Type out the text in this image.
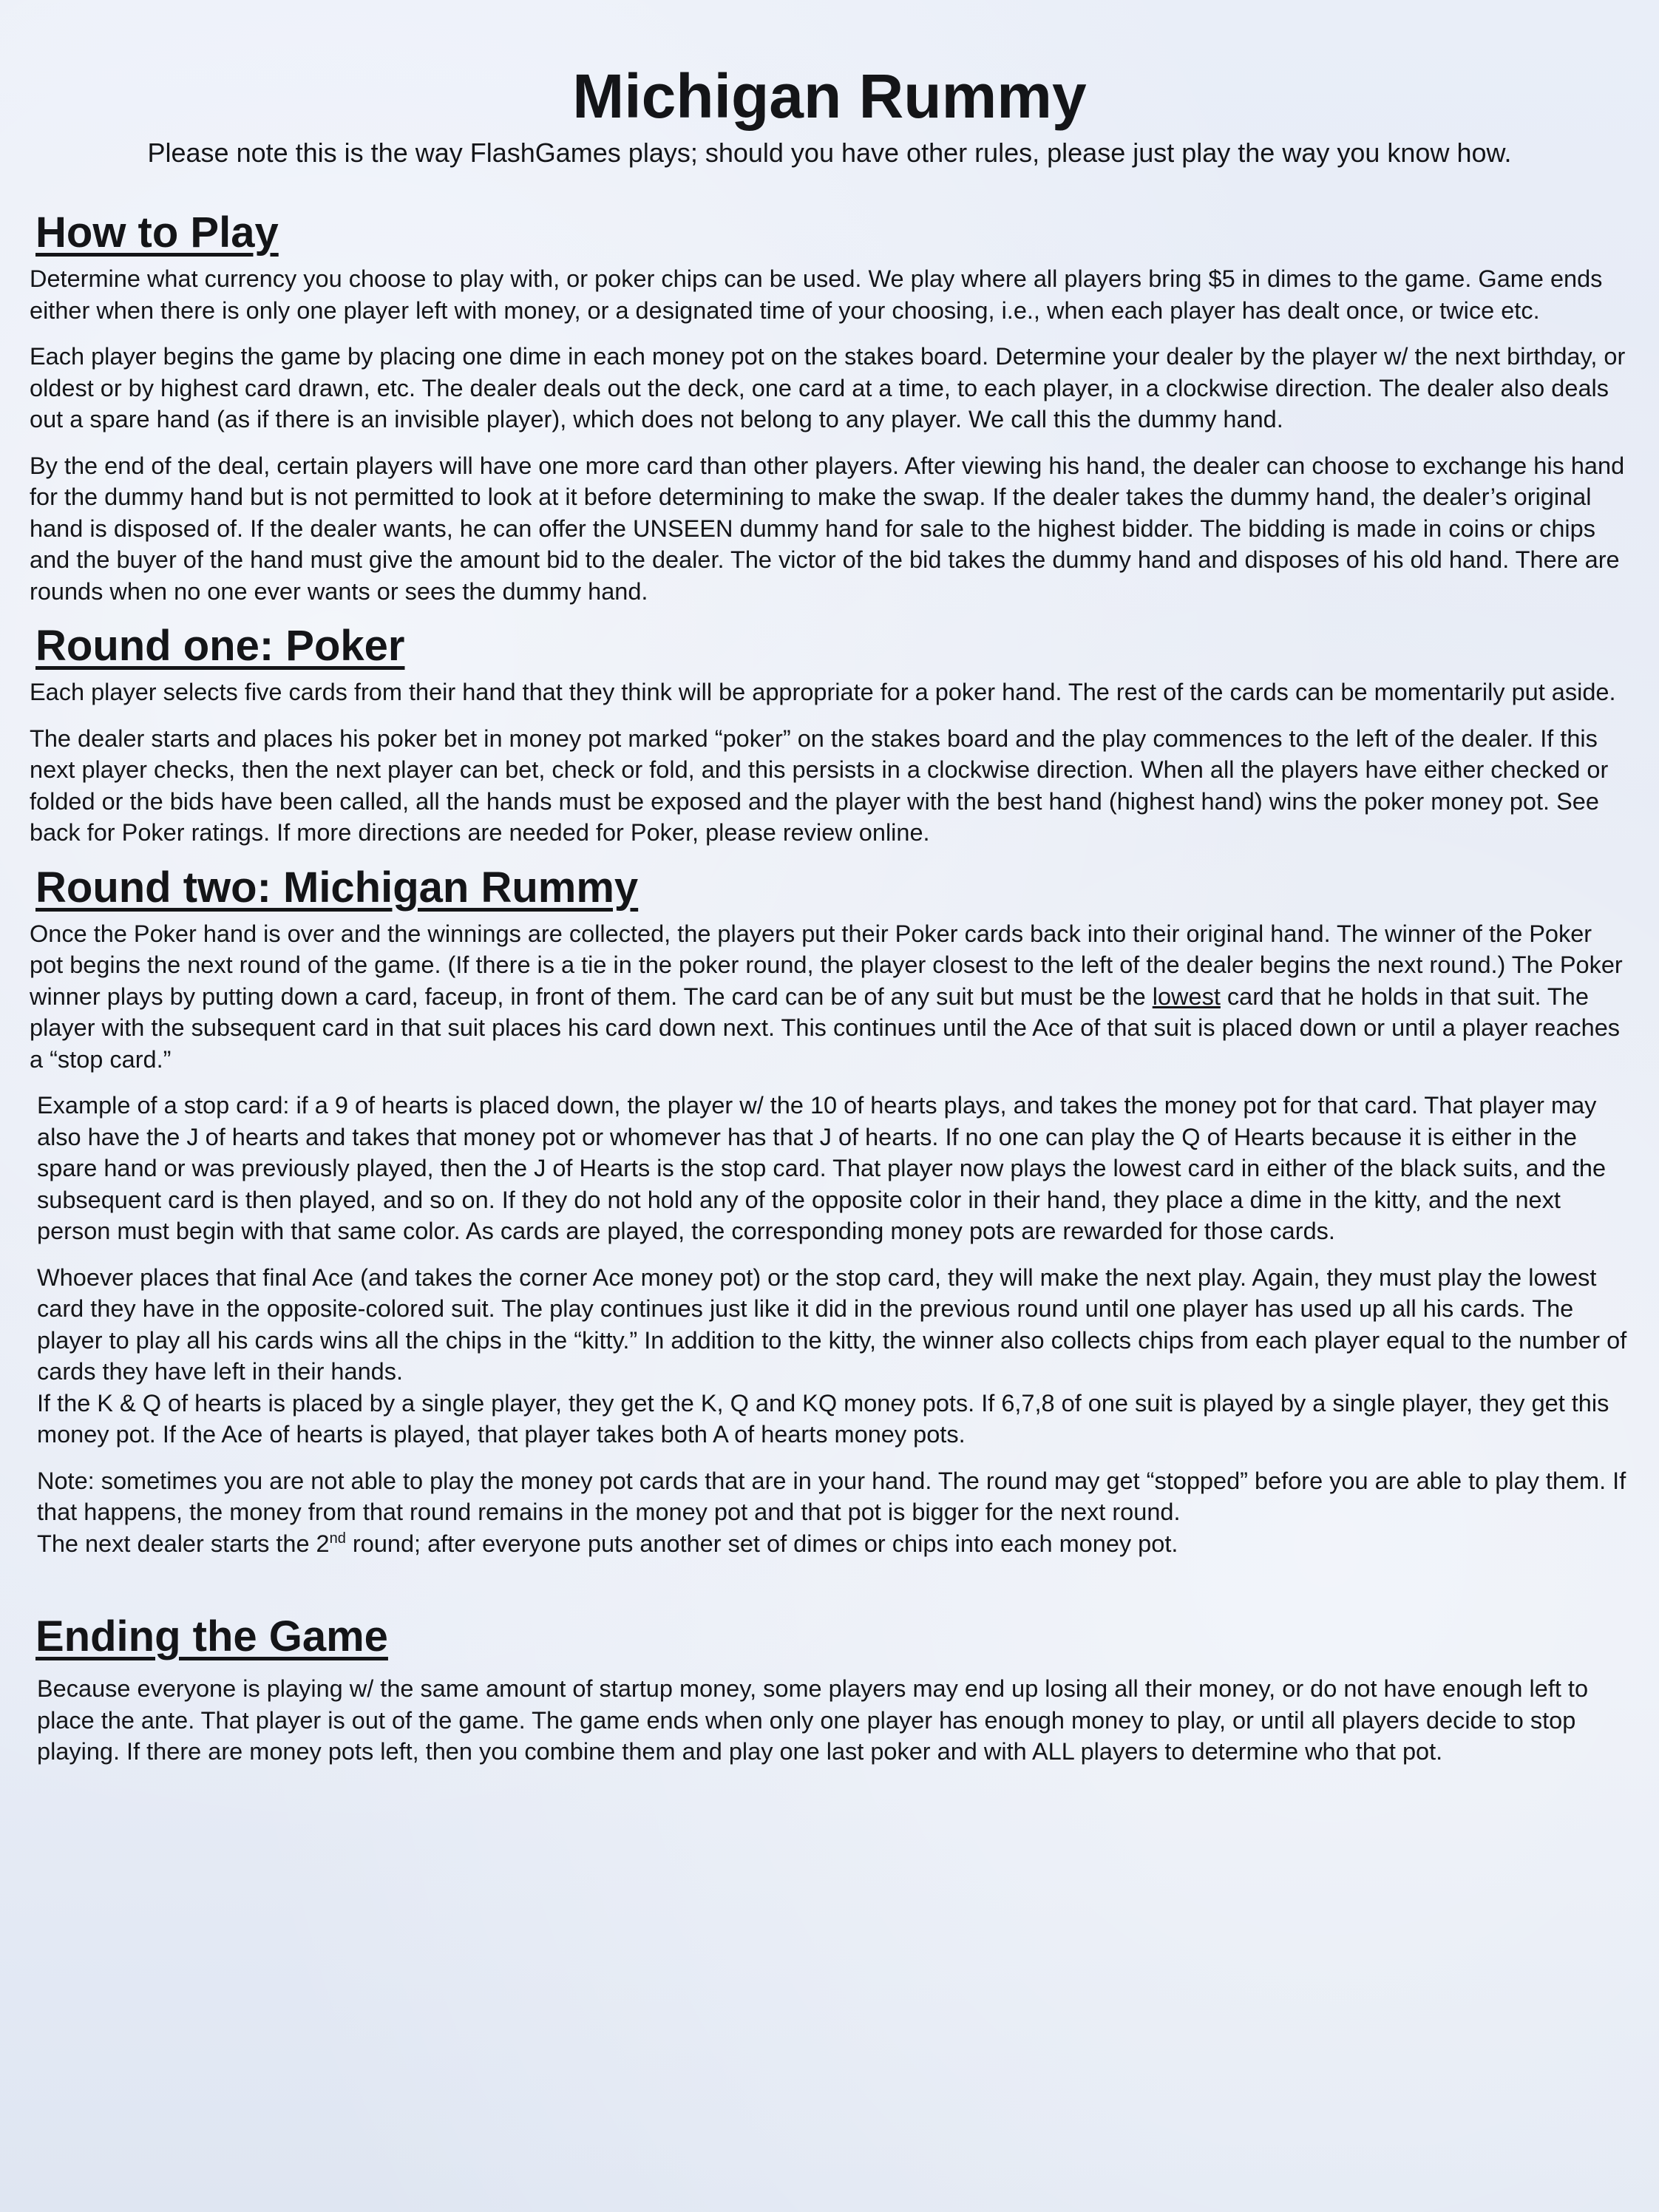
Michigan Rummy

Please note this is the way FlashGames plays; should you have other rules, please just play the way you know how.

How to Play

Determine what currency you choose to play with, or poker chips can be used. We play where all players bring $5 in dimes to the game. Game ends either when there is only one player left with money, or a designated time of your choosing, i.e., when each player has dealt once, or twice etc.

Each player begins the game by placing one dime in each money pot on the stakes board. Determine your dealer by the player w/ the next birthday, or oldest or by highest card drawn, etc. The dealer deals out the deck, one card at a time, to each player, in a clockwise direction. The dealer also deals out a spare hand (as if there is an invisible player), which does not belong to any player. We call this the dummy hand.

By the end of the deal, certain players will have one more card than other players. After viewing his hand, the dealer can choose to exchange his hand for the dummy hand but is not permitted to look at it before determining to make the swap. If the dealer takes the dummy hand, the dealer’s original hand is disposed of. If the dealer wants, he can offer the UNSEEN dummy hand for sale to the highest bidder. The bidding is made in coins or chips and the buyer of the hand must give the amount bid to the dealer. The victor of the bid takes the dummy hand and disposes of his old hand. There are rounds when no one ever wants or sees the dummy hand.

Round one: Poker

Each player selects five cards from their hand that they think will be appropriate for a poker hand. The rest of the cards can be momentarily put aside.

The dealer starts and places his poker bet in money pot marked “poker” on the stakes board and the play commences to the left of the dealer. If this next player checks, then the next player can bet, check or fold, and this persists in a clockwise direction. When all the players have either checked or folded or the bids have been called, all the hands must be exposed and the player with the best hand (highest hand) wins the poker money pot. See back for Poker ratings. If more directions are needed for Poker, please review online.

Round two: Michigan Rummy

Once the Poker hand is over and the winnings are collected, the players put their Poker cards back into their original hand. The winner of the Poker pot begins the next round of the game. (If there is a tie in the poker round, the player closest to the left of the dealer begins the next round.) The Poker winner plays by putting down a card, faceup, in front of them. The card can be of any suit but must be the lowest card that he holds in that suit. The player with the subsequent card in that suit places his card down next. This continues until the Ace of that suit is placed down or until a player reaches a “stop card.”

Example of a stop card: if a 9 of hearts is placed down, the player w/ the 10 of hearts plays, and takes the money pot for that card. That player may also have the J of hearts and takes that money pot or whomever has that J of hearts. If no one can play the Q of Hearts because it is either in the spare hand or was previously played, then the J of Hearts is the stop card. That player now plays the lowest card in either of the black suits, and the subsequent card is then played, and so on. If they do not hold any of the opposite color in their hand, they place a dime in the kitty, and the next person must begin with that same color. As cards are played, the corresponding money pots are rewarded for those cards.

Whoever places that final Ace (and takes the corner Ace money pot) or the stop card, they will make the next play. Again, they must play the lowest card they have in the opposite-colored suit. The play continues just like it did in the previous round until one player has used up all his cards. The player to play all his cards wins all the chips in the “kitty.” In addition to the kitty, the winner also collects chips from each player equal to the number of cards they have left in their hands.

If the K & Q of hearts is placed by a single player, they get the K, Q and KQ money pots. If 6,7,8 of one suit is played by a single player, they get this money pot. If the Ace of hearts is played, that player takes both A of hearts money pots.

Note: sometimes you are not able to play the money pot cards that are in your hand. The round may get “stopped” before you are able to play them. If that happens, the money from that round remains in the money pot and that pot is bigger for the next round.

The next dealer starts the 2nd round; after everyone puts another set of dimes or chips into each money pot.

Ending the Game

Because everyone is playing w/ the same amount of startup money, some players may end up losing all their money, or do not have enough left to place the ante. That player is out of the game. The game ends when only one player has enough money to play, or until all players decide to stop playing. If there are money pots left, then you combine them and play one last poker and with ALL players to determine who that pot.
